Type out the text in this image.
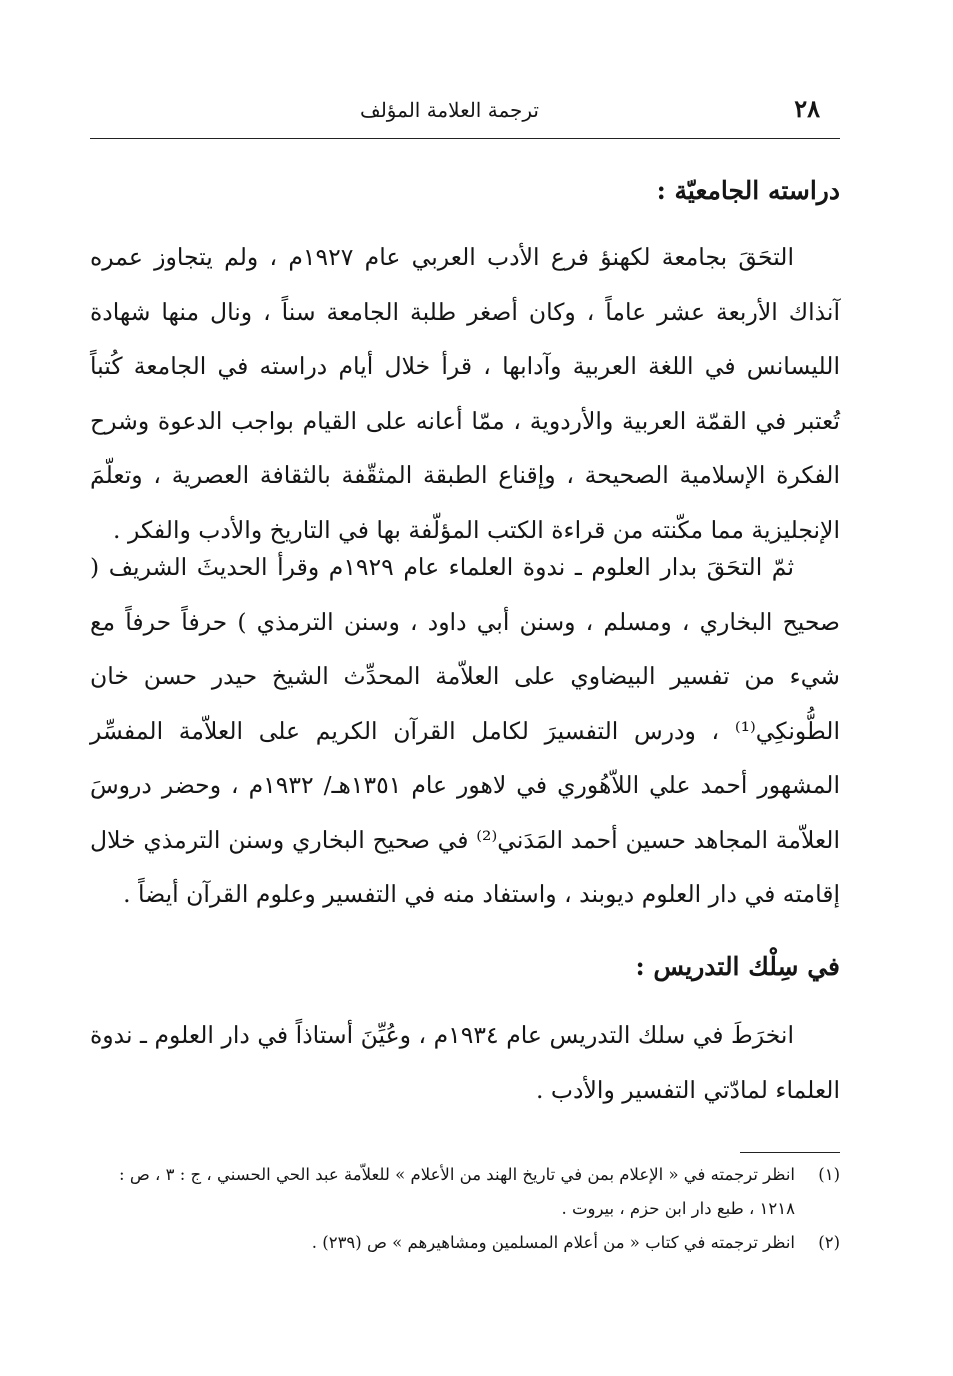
٢٨
ترجمة العلامة المؤلف
دراسته الجامعيّة :

التحَقَ بجامعة لكهنؤ فرع الأدب العربي عام ١٩٢٧م ، ولم يتجاوز عمره آنذاك الأربعة عشر عاماً ، وكان أصغر طلبة الجامعة سناً ، ونال منها شهادة الليسانس في اللغة العربية وآدابها ، قرأ خلال أيام دراسته في الجامعة كُتباً تُعتبر في القمّة العربية والأردوية ، ممّا أعانه على القيام بواجب الدعوة وشرح الفكرة الإسلامية الصحيحة ، وإقناع الطبقة المثقّفة بالثقافة العصرية ، وتعلّمَ الإنجليزية مما مكّنته من قراءة الكتب المؤلّفة بها في التاريخ والأدب والفكر .

ثمّ التحَقَ بدار العلوم ـ ندوة العلماء عام ١٩٢٩م وقرأ الحديثَ الشريف ( صحيح البخاري ، ومسلم ، وسنن أبي داود ، وسنن الترمذي ) حرفاً حرفاً مع شيء من تفسير البيضاوي على العلاّمة المحدِّث الشيخ حيدر حسن خان الطُّونكِي⁽¹⁾ ، ودرس التفسيرَ لكامل القرآن الكريم على العلاّمة المفسِّر المشهور أحمد علي اللاّهُوري في لاهور عام ١٣٥١هـ/ ١٩٣٢م ، وحضر دروسَ العلاّمة المجاهد حسين أحمد المَدَني⁽²⁾ في صحيح البخاري وسنن الترمذي خلال إقامته في دار العلوم ديوبند ، واستفاد منه في التفسير وعلوم القرآن أيضاً .

في سِلْك التدريس :

انخرَطَ في سلك التدريس عام ١٩٣٤م ، وعُيِّنَ أستاذاً في دار العلوم ـ ندوة العلماء لمادّتي التفسير والأدب .

(١)
انظر ترجمته في « الإعلام بمن في تاريخ الهند من الأعلام » للعلاّمة عبد الحي الحسني ، ج : ٣ ، ص : ١٢١٨ ، طبع دار ابن حزم ، بيروت .
(٢)
انظر ترجمته في كتاب « من أعلام المسلمين ومشاهيرهم » ص (٢٣٩) .
